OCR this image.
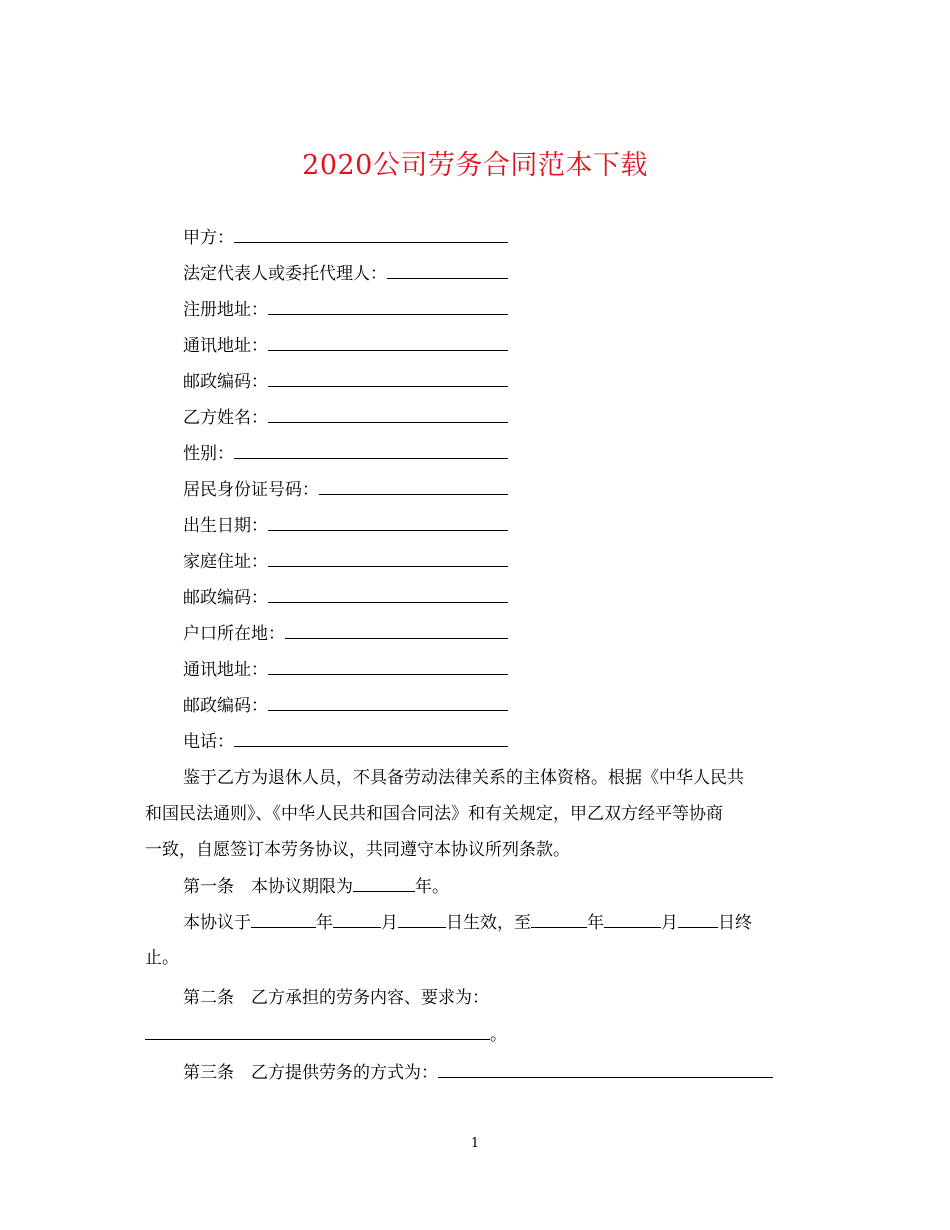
2020公司劳务合同范本下载
甲方：
法定代表人或委托代理人：
注册地址：
通讯地址：
邮政编码：
乙方姓名：
性别：
居民身份证号码：
出生日期：
家庭住址：
邮政编码：
户口所在地：
通讯地址：
邮政编码：
电话：
鉴于乙方为退休人员，不具备劳动法律关系的主体资格。根据《中华人民共
和国民法通则》、《中华人民共和国合同法》和有关规定，甲乙双方经平等协商
一致，自愿签订本劳务协议，共同遵守本协议所列条款。
第一条　本协议期限为	年。
本协议于	年	月	日生效，至	年	月 日终
止。
第二条　乙方承担的劳务内容、要求为：
。
第三条　乙方提供劳务的方式为：
1
